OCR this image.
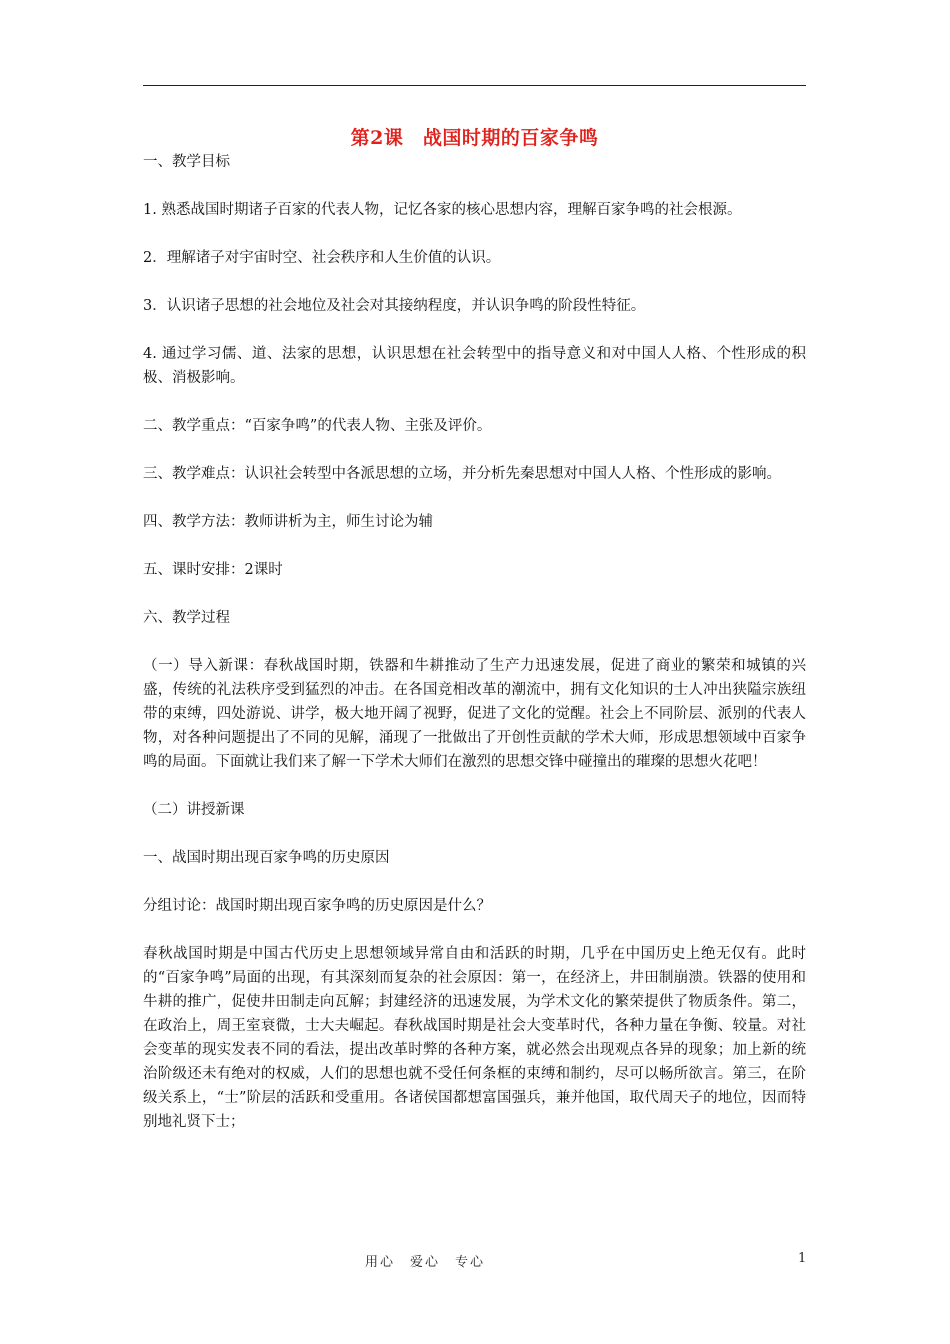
第2课　战国时期的百家争鸣

一、教学目标

1. 熟悉战国时期诸子百家的代表人物，记忆各家的核心思想内容，理解百家争鸣的社会根源。

2．理解诸子对宇宙时空、社会秩序和人生价值的认识。

3．认识诸子思想的社会地位及社会对其接纳程度，并认识争鸣的阶段性特征。

4. 通过学习儒、道、法家的思想，认识思想在社会转型中的指导意义和对中国人人格、个性形成的积极、消极影响。

二、教学重点：“百家争鸣”的代表人物、主张及评价。

三、教学难点：认识社会转型中各派思想的立场，并分析先秦思想对中国人人格、个性形成的影响。

四、教学方法：教师讲析为主，师生讨论为辅

五、课时安排：2课时

六、教学过程

（一）导入新课：春秋战国时期，铁器和牛耕推动了生产力迅速发展，促进了商业的繁荣和城镇的兴盛，传统的礼法秩序受到猛烈的冲击。在各国竞相改革的潮流中，拥有文化知识的士人冲出狭隘宗族纽带的束缚，四处游说、讲学，极大地开阔了视野，促进了文化的觉醒。社会上不同阶层、派别的代表人物，对各种问题提出了不同的见解，涌现了一批做出了开创性贡献的学术大师，形成思想领域中百家争鸣的局面。下面就让我们来了解一下学术大师们在激烈的思想交锋中碰撞出的璀璨的思想火花吧！

（二）讲授新课

一、战国时期出现百家争鸣的历史原因

分组讨论：战国时期出现百家争鸣的历史原因是什么？

春秋战国时期是中国古代历史上思想领域异常自由和活跃的时期，几乎在中国历史上绝无仅有。此时的“百家争鸣”局面的出现，有其深刻而复杂的社会原因：第一，在经济上，井田制崩溃。铁器的使用和牛耕的推广，促使井田制走向瓦解；封建经济的迅速发展，为学术文化的繁荣提供了物质条件。第二，在政治上，周王室衰微，士大夫崛起。春秋战国时期是社会大变革时代，各种力量在争衡、较量。对社会变革的现实发表不同的看法，提出改革时弊的各种方案，就必然会出现观点各异的现象；加上新的统治阶级还未有绝对的权威，人们的思想也就不受任何条框的束缚和制约，尽可以畅所欲言。第三，在阶级关系上，“士”阶层的活跃和受重用。各诸侯国都想富国强兵，兼并他国，取代周天子的地位，因而特别地礼贤下士；

用心　爱心　专心	1
